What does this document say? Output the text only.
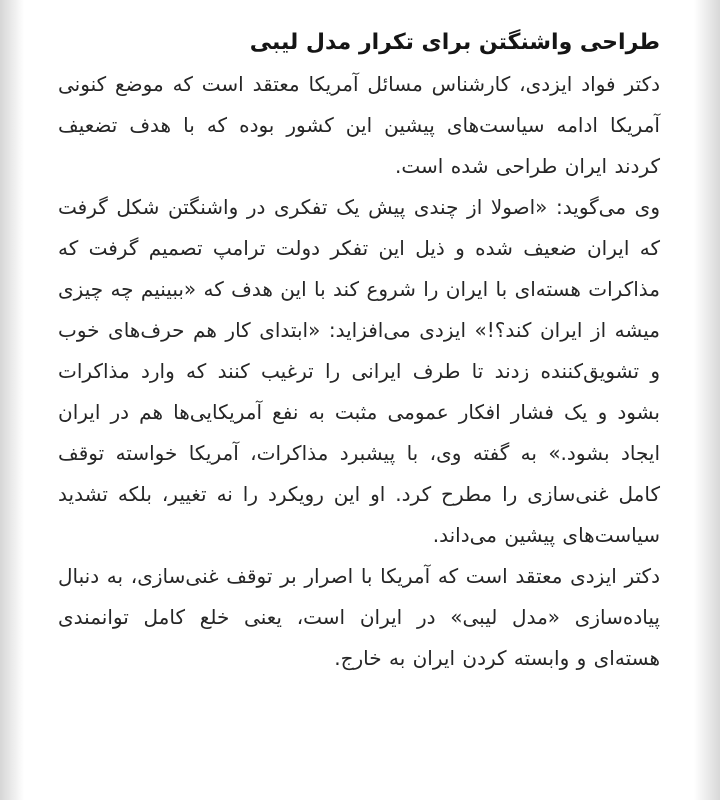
طراحی واشنگتن برای تکرار مدل لیبی

دکتر فواد ایزدی، کارشناس مسائل آمریکا معتقد است که موضع کنونی آمریکا ادامه سیاست‌های پیشین این کشور بوده که با هدف تضعیف کردند ایران طراحی شده است.

وی می‌گوید: «اصولا از چندی پیش یک تفکری در واشنگتن شکل گرفت که ایران ضعیف شده و ذیل این تفکر دولت ترامپ تصمیم گرفت که مذاکرات هسته‌ای با ایران را شروع کند با این هدف که «ببینیم چه چیزی میشه از ایران کند؟!» ایزدی می‌افزاید: «ابتدای کار هم حرف‌های خوب و تشویق‌کننده زدند تا طرف ایرانی را ترغیب کنند که وارد مذاکرات بشود و یک فشار افکار عمومی مثبت به نفع آمریکایی‌ها هم در ایران ایجاد بشود.» به گفته وی، با پیشبرد مذاکرات، آمریکا خواسته توقف کامل غنی‌سازی را مطرح کرد. او این رویکرد را نه تغییر، بلکه تشدید سیاست‌های پیشین می‌داند.

دکتر ایزدی معتقد است که آمریکا با اصرار بر توقف غنی‌سازی، به دنبال پیاده‌سازی «مدل لیبی» در ایران است، یعنی خلع کامل توانمندی هسته‌ای و وابسته کردن ایران به خارج.
